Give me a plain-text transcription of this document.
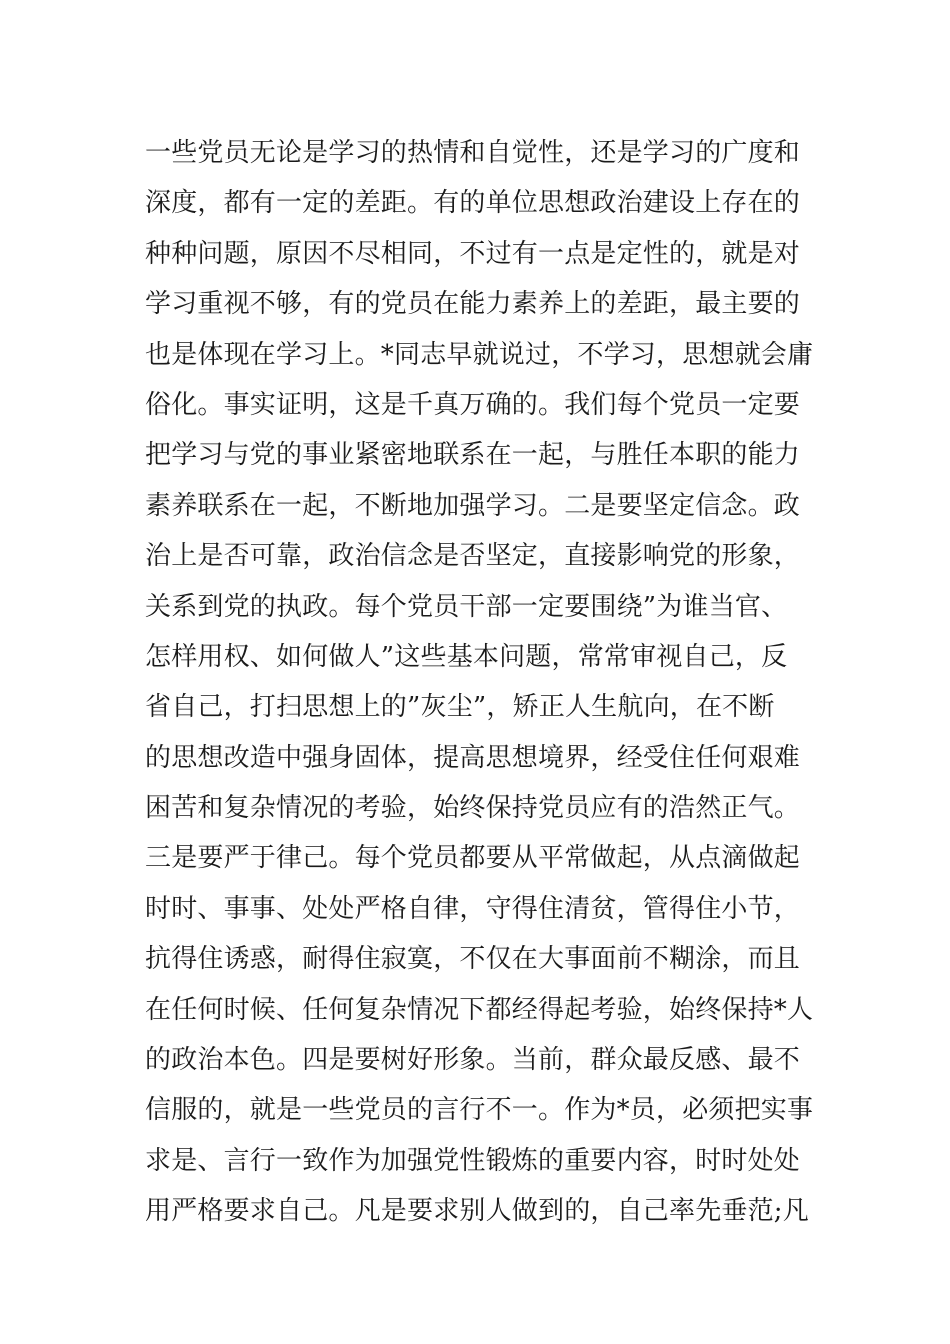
一些党员无论是学习的热情和自觉性，还是学习的广度和
深度，都有一定的差距。有的单位思想政治建设上存在的
种种问题，原因不尽相同，不过有一点是定性的，就是对
学习重视不够，有的党员在能力素养上的差距，最主要的
也是体现在学习上。*同志早就说过，不学习，思想就会庸
俗化。事实证明，这是千真万确的。我们每个党员一定要
把学习与党的事业紧密地联系在一起，与胜任本职的能力
素养联系在一起，不断地加强学习。二是要坚定信念。政
治上是否可靠，政治信念是否坚定，直接影响党的形象，
关系到党的执政。每个党员干部一定要围绕”为谁当官、
怎样用权、如何做人”这些基本问题，常常审视自己，反
省自己，打扫思想上的”灰尘”，矫正人生航向，在不断
的思想改造中强身固体，提高思想境界，经受住任何艰难
困苦和复杂情况的考验，始终保持党员应有的浩然正气。
三是要严于律己。每个党员都要从平常做起，从点滴做起
时时、事事、处处严格自律，守得住清贫，管得住小节，
抗得住诱惑，耐得住寂寞，不仅在大事面前不糊涂，而且
在任何时候、任何复杂情况下都经得起考验，始终保持*人
的政治本色。四是要树好形象。当前，群众最反感、最不
信服的，就是一些党员的言行不一。作为*员，必须把实事
求是、言行一致作为加强党性锻炼的重要内容，时时处处
用严格要求自己。凡是要求别人做到的，自己率先垂范;凡
